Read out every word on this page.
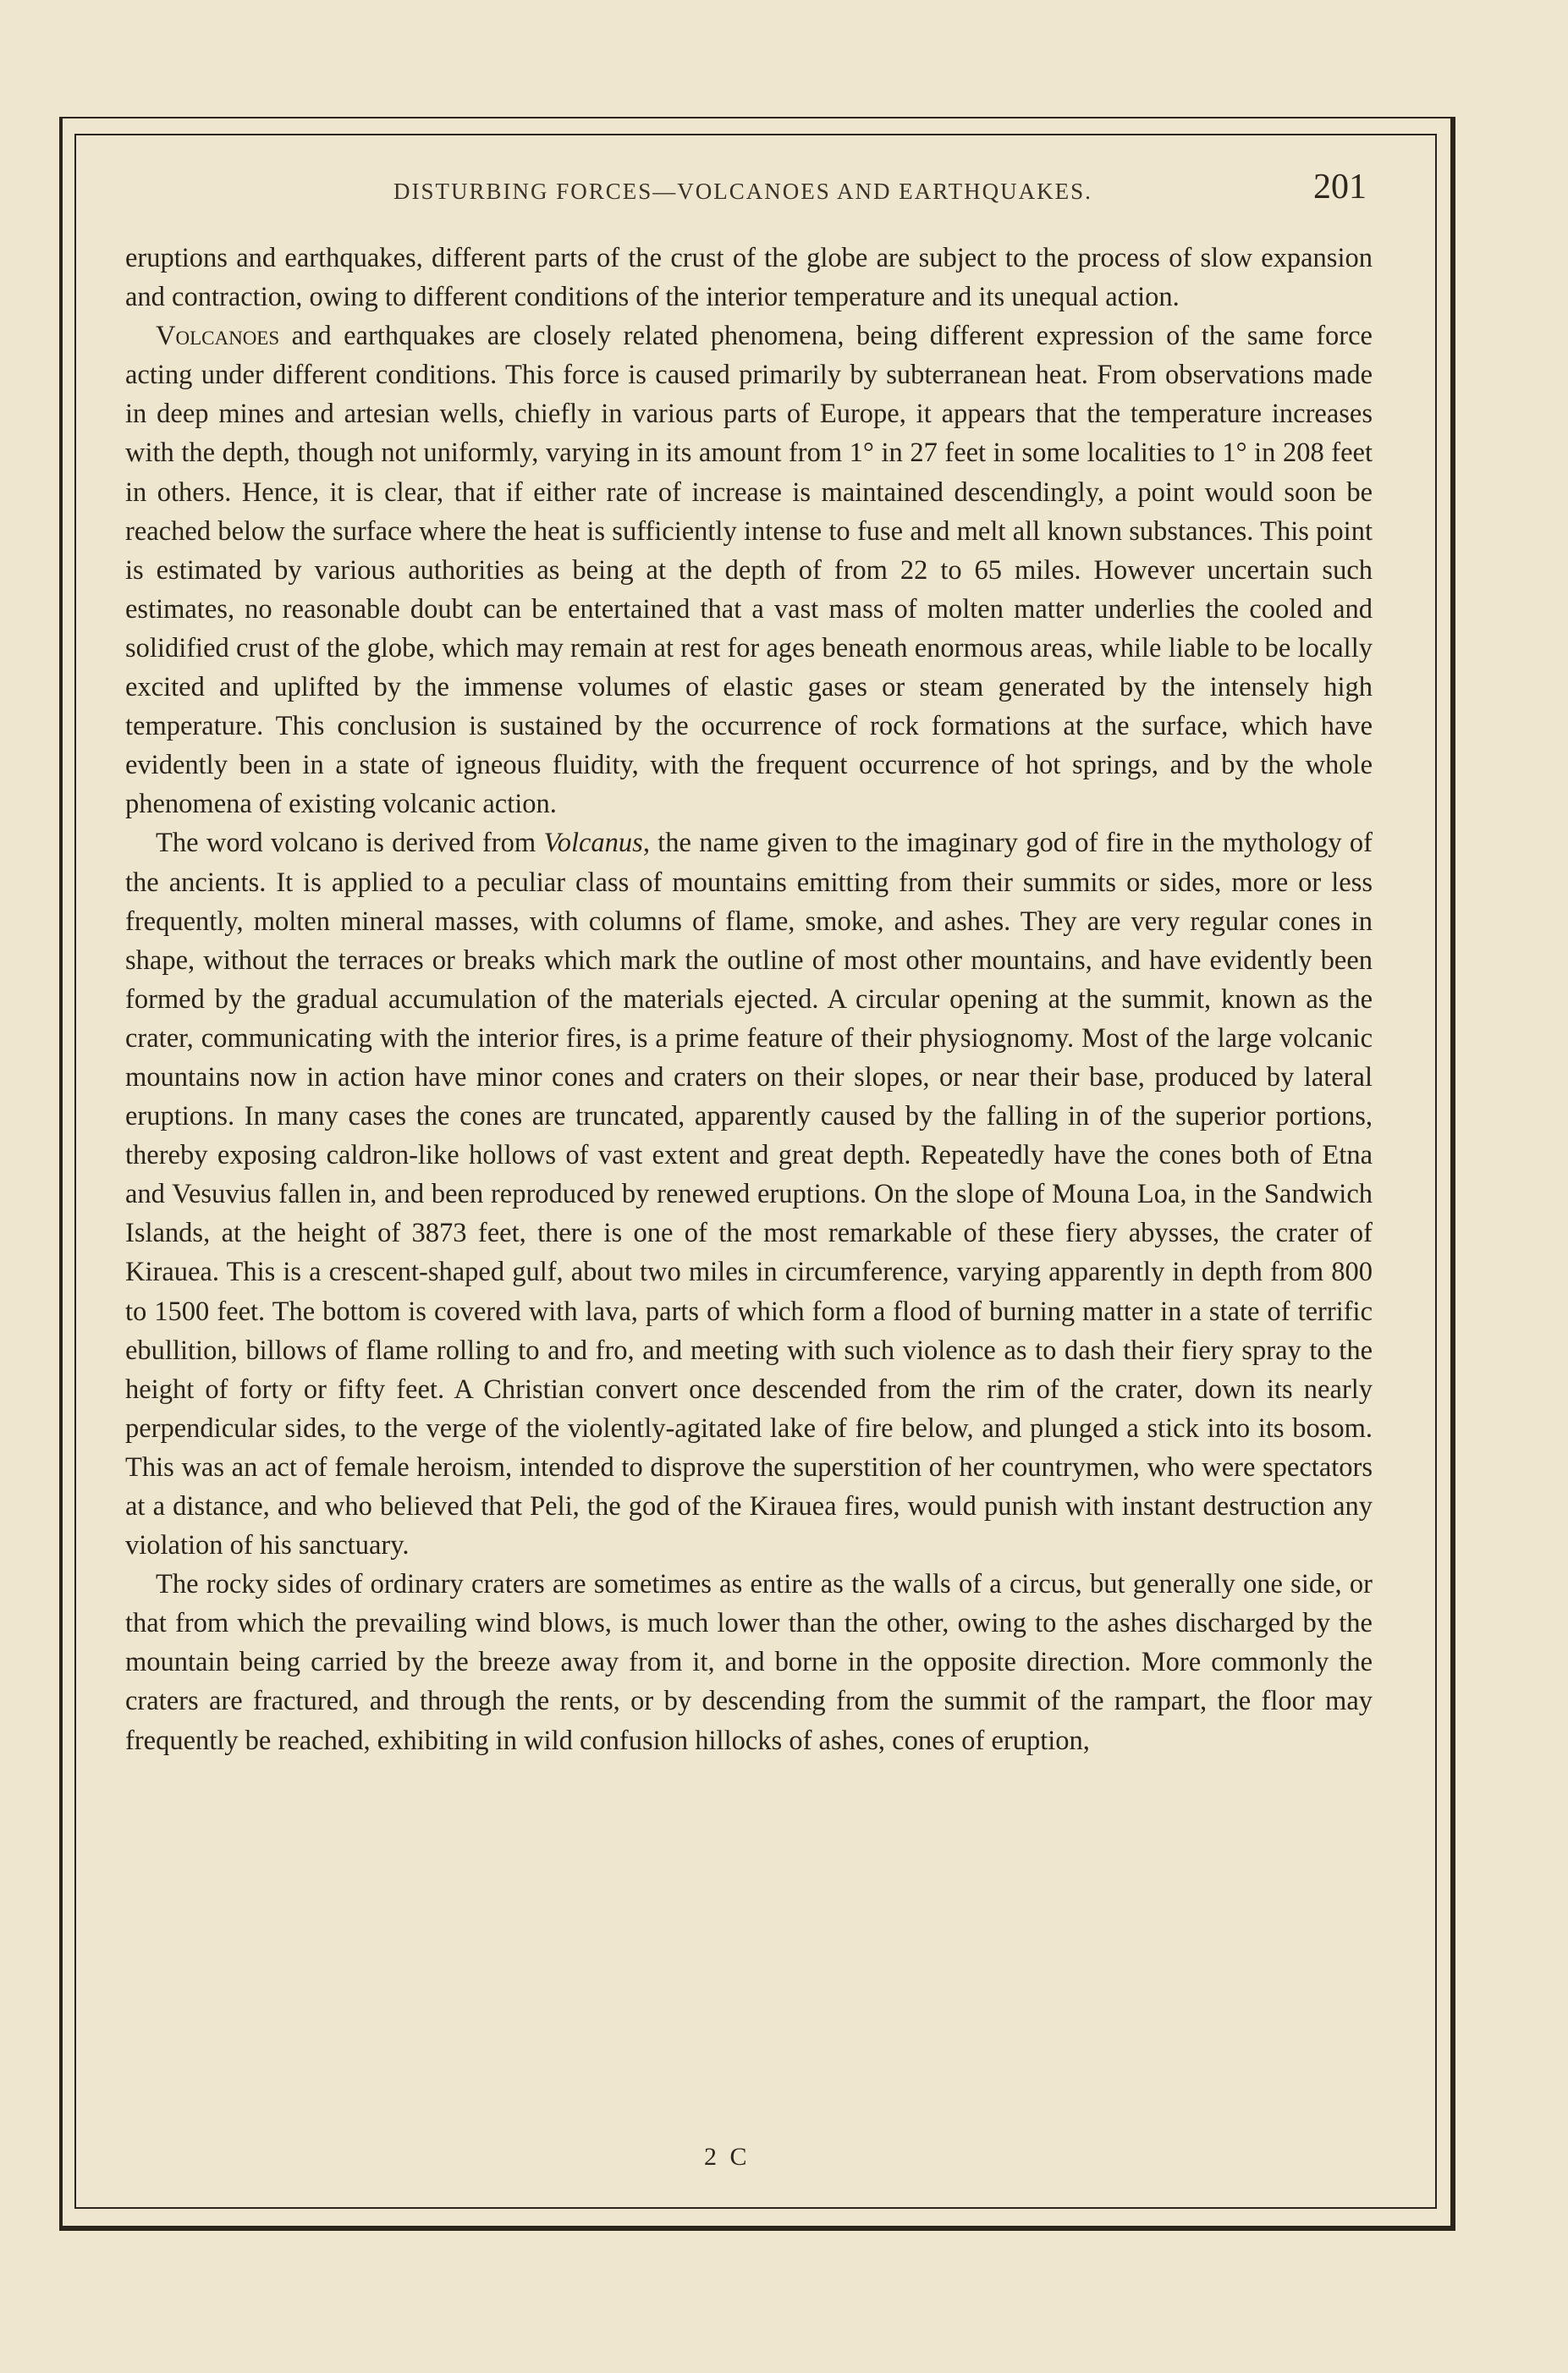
DISTURBING FORCES—VOLCANOES AND EARTHQUAKES.	201

eruptions and earthquakes, different parts of the crust of the globe are subject to the process of slow expansion and contraction, owing to different conditions of the interior temperature and its unequal action.

Volcanoes and earthquakes are closely related phenomena, being different expression of the same force acting under different conditions. This force is caused primarily by subterranean heat. From observations made in deep mines and artesian wells, chiefly in various parts of Europe, it appears that the temperature increases with the depth, though not uniformly, varying in its amount from 1° in 27 feet in some localities to 1° in 208 feet in others. Hence, it is clear, that if either rate of increase is maintained descendingly, a point would soon be reached below the surface where the heat is sufficiently intense to fuse and melt all known substances. This point is estimated by various authorities as being at the depth of from 22 to 65 miles. However uncertain such estimates, no reasonable doubt can be entertained that a vast mass of molten matter underlies the cooled and solidified crust of the globe, which may remain at rest for ages beneath enormous areas, while liable to be locally excited and uplifted by the immense volumes of elastic gases or steam generated by the intensely high temperature. This conclusion is sustained by the occurrence of rock formations at the surface, which have evidently been in a state of igneous fluidity, with the frequent occurrence of hot springs, and by the whole phenomena of existing volcanic action.

The word volcano is derived from Volcanus, the name given to the imaginary god of fire in the mythology of the ancients. It is applied to a peculiar class of mountains emitting from their summits or sides, more or less frequently, molten mineral masses, with columns of flame, smoke, and ashes. They are very regular cones in shape, without the terraces or breaks which mark the outline of most other mountains, and have evidently been formed by the gradual accumulation of the materials ejected. A circular opening at the summit, known as the crater, communicating with the interior fires, is a prime feature of their physiognomy. Most of the large volcanic mountains now in action have minor cones and craters on their slopes, or near their base, produced by lateral eruptions. In many cases the cones are truncated, apparently caused by the falling in of the superior portions, thereby exposing caldron-like hollows of vast extent and great depth. Repeatedly have the cones both of Etna and Vesuvius fallen in, and been reproduced by renewed eruptions. On the slope of Mouna Loa, in the Sandwich Islands, at the height of 3873 feet, there is one of the most remarkable of these fiery abysses, the crater of Kirauea. This is a crescent-shaped gulf, about two miles in circumference, varying apparently in depth from 800 to 1500 feet. The bottom is covered with lava, parts of which form a flood of burning matter in a state of terrific ebullition, billows of flame rolling to and fro, and meeting with such violence as to dash their fiery spray to the height of forty or fifty feet. A Christian convert once descended from the rim of the crater, down its nearly perpendicular sides, to the verge of the violently-agitated lake of fire below, and plunged a stick into its bosom. This was an act of female heroism, intended to disprove the superstition of her countrymen, who were spectators at a distance, and who believed that Peli, the god of the Kirauea fires, would punish with instant destruction any violation of his sanctuary.

The rocky sides of ordinary craters are sometimes as entire as the walls of a circus, but generally one side, or that from which the prevailing wind blows, is much lower than the other, owing to the ashes discharged by the mountain being carried by the breeze away from it, and borne in the opposite direction. More commonly the craters are fractured, and through the rents, or by descending from the summit of the rampart, the floor may frequently be reached, exhibiting in wild confusion hillocks of ashes, cones of eruption,

2 C
